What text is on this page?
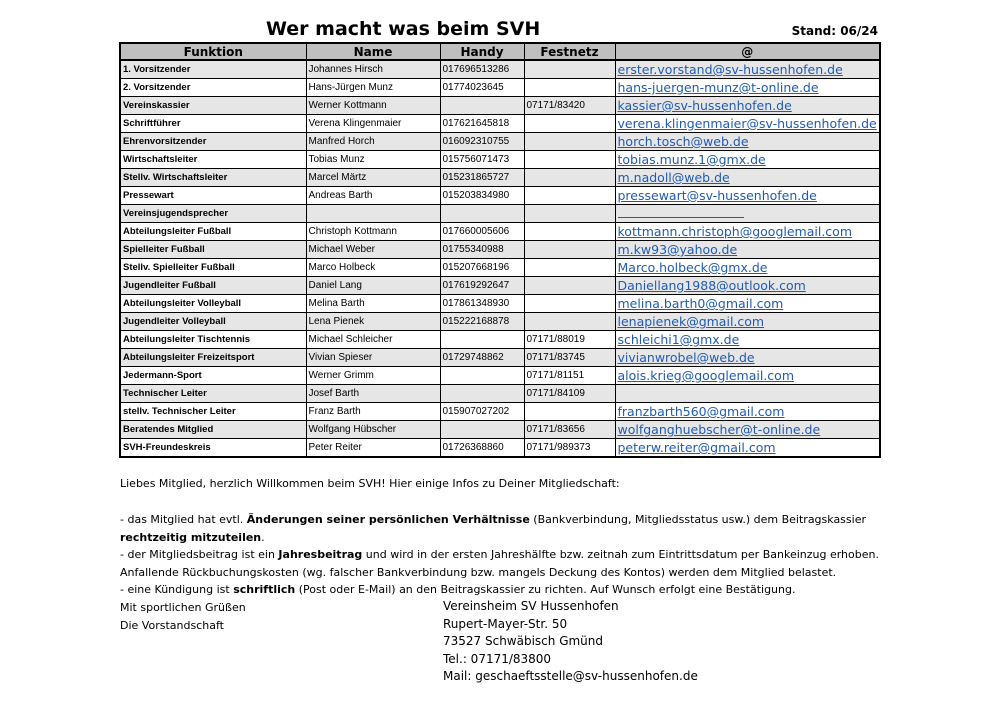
Wer macht was beim SVH	Stand: 06/24
Funktion	Name	Handy	Festnetz	@
1. Vorsitzender	Johannes Hirsch	017696513286		erster.vorstand@sv-hussenhofen.de
2. Vorsitzender	Hans-Jürgen Munz	01774023645		hans-juergen-munz@t-online.de
Vereinskassier	Werner Kottmann		07171/83420	kassier@sv-hussenhofen.de
Schriftführer	Verena Klingenmaier	017621645818		verena.klingenmaier@sv-hussenhofen.de
Ehrenvorsitzender	Manfred Horch	016092310755		horch.tosch@web.de
Wirtschaftsleiter	Tobias Munz	015756071473		tobias.munz.1@gmx.de
Stellv. Wirtschaftsleiter	Marcel Märtz	015231865727		m.nadoll@web.de
Pressewart	Andreas Barth	015203834980		pressewart@sv-hussenhofen.de
Vereinsjugendsprecher				
Abteilungsleiter Fußball	Christoph Kottmann	017660005606		kottmann.christoph@googlemail.com
Spielleiter Fußball	Michael Weber	01755340988		m.kw93@yahoo.de
Stellv. Spielleiter Fußball	Marco Holbeck	015207668196		Marco.holbeck@gmx.de
Jugendleiter Fußball	Daniel Lang	017619292647		Daniellang1988@outlook.com
Abteilungsleiter Volleyball	Melina Barth	017861348930		melina.barth0@gmail.com
Jugendleiter Volleyball	Lena Pienek	015222168878		lenapienek@gmail.com
Abteilungsleiter Tischtennis	Michael Schleicher		07171/88019	schleichi1@gmx.de
Abteilungsleiter Freizeitsport	Vivian Spieser	01729748862	07171/83745	vivianwrobel@web.de
Jedermann-Sport	Werner Grimm		07171/81151	alois.krieg@googlemail.com
Technischer Leiter	Josef Barth		07171/84109	
stellv. Technischer Leiter	Franz Barth	015907027202		franzbarth560@gmail.com
Beratendes Mitglied	Wolfgang Hübscher		07171/83656	wolfganghuebscher@t-online.de
SVH-Freundeskreis	Peter Reiter	01726368860	07171/989373	peterw.reiter@gmail.com
Liebes Mitglied, herzlich Willkommen beim SVH! Hier einige Infos zu Deiner Mitgliedschaft:
- das Mitglied hat evtl. Änderungen seiner persönlichen Verhältnisse (Bankverbindung, Mitgliedsstatus usw.) dem Beitragskassier rechtzeitig mitzuteilen.
- der Mitgliedsbeitrag ist ein Jahresbeitrag und wird in der ersten Jahreshälfte bzw. zeitnah zum Eintrittsdatum per Bankeinzug erhoben. Anfallende Rückbuchungskosten (wg. falscher Bankverbindung bzw. mangels Deckung des Kontos) werden dem Mitglied belastet.
- eine Kündigung ist schriftlich (Post oder E-Mail) an den Beitragskassier zu richten. Auf Wunsch erfolgt eine Bestätigung.
Mit sportlichen Grüßen
Die Vorstandschaft
Vereinsheim SV Hussenhofen
Rupert-Mayer-Str. 50
73527 Schwäbisch Gmünd
Tel.: 07171/83800
Mail: geschaeftsstelle@sv-hussenhofen.de
